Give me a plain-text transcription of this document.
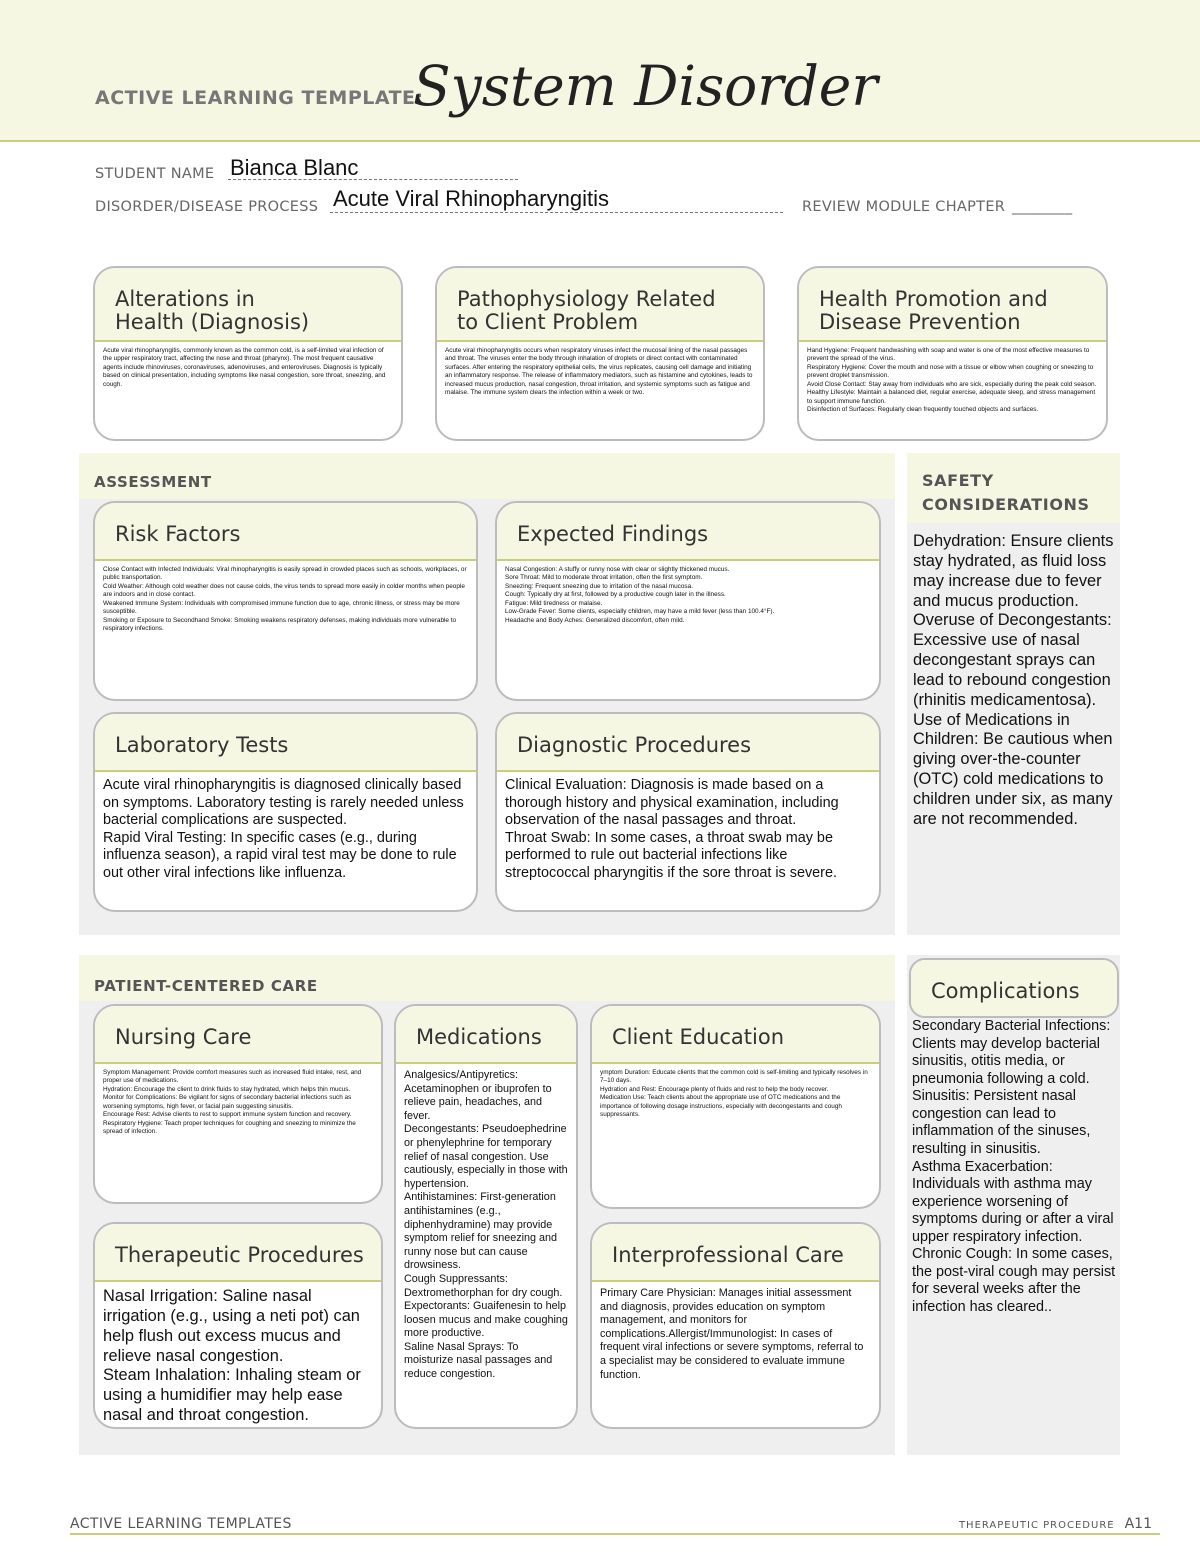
ACTIVE LEARNING TEMPLATE:
System Disorder
STUDENT NAME Bianca Blanc
DISORDER/DISEASE PROCESS Acute Viral Rhinopharyngitis	REVIEW MODULE CHAPTER ________
Alterations in
Health (Diagnosis)
Acute viral rhinopharyngitis, commonly known as the common cold, is a self-limited viral infection of the upper respiratory tract, affecting the nose and throat (pharynx). The most frequent causative agents include rhinoviruses, coronaviruses, adenoviruses, and enteroviruses. Diagnosis is typically based on clinical presentation, including symptoms like nasal congestion, sore throat, sneezing, and cough.
Pathophysiology Related
to Client Problem
Acute viral rhinopharyngitis occurs when respiratory viruses infect the mucosal lining of the nasal passages and throat. The viruses enter the body through inhalation of droplets or direct contact with contaminated surfaces. After entering the respiratory epithelial cells, the virus replicates, causing cell damage and initiating an inflammatory response. The release of inflammatory mediators, such as histamine and cytokines, leads to increased mucus production, nasal congestion, throat irritation, and systemic symptoms such as fatigue and malaise. The immune system clears the infection within a week or two.
Health Promotion and
Disease Prevention
Hand Hygiene: Frequent handwashing with soap and water is one of the most effective measures to prevent the spread of the virus.
Respiratory Hygiene: Cover the mouth and nose with a tissue or elbow when coughing or sneezing to prevent droplet transmission.
Avoid Close Contact: Stay away from individuals who are sick, especially during the peak cold season.
Healthy Lifestyle: Maintain a balanced diet, regular exercise, adequate sleep, and stress management to support immune function.
Disinfection of Surfaces: Regularly clean frequently touched objects and surfaces.
ASSESSMENT
Risk Factors
Close Contact with Infected Individuals: Viral rhinopharyngitis is easily spread in crowded places such as schools, workplaces, or public transportation.
Cold Weather: Although cold weather does not cause colds, the virus tends to spread more easily in colder months when people are indoors and in close contact.
Weakened Immune System: Individuals with compromised immune function due to age, chronic illness, or stress may be more susceptible.
Smoking or Exposure to Secondhand Smoke: Smoking weakens respiratory defenses, making individuals more vulnerable to respiratory infections.
Expected Findings
Nasal Congestion: A stuffy or runny nose with clear or slightly thickened mucus.
Sore Throat: Mild to moderate throat irritation, often the first symptom.
Sneezing: Frequent sneezing due to irritation of the nasal mucosa.
Cough: Typically dry at first, followed by a productive cough later in the illness.
Fatigue: Mild tiredness or malaise.
Low-Grade Fever: Some clients, especially children, may have a mild fever (less than 100.4°F).
Headache and Body Aches: Generalized discomfort, often mild.
Laboratory Tests
Acute viral rhinopharyngitis is diagnosed clinically based on symptoms. Laboratory testing is rarely needed unless bacterial complications are suspected.
Rapid Viral Testing: In specific cases (e.g., during influenza season), a rapid viral test may be done to rule out other viral infections like influenza.
Diagnostic Procedures
Clinical Evaluation: Diagnosis is made based on a thorough history and physical examination, including observation of the nasal passages and throat.
Throat Swab: In some cases, a throat swab may be performed to rule out bacterial infections like streptococcal pharyngitis if the sore throat is severe.
SAFETY
CONSIDERATIONS
Dehydration: Ensure clients stay hydrated, as fluid loss may increase due to fever and mucus production.
Overuse of Decongestants: Excessive use of nasal decongestant sprays can lead to rebound congestion (rhinitis medicamentosa).
Use of Medications in Children: Be cautious when giving over-the-counter (OTC) cold medications to children under six, as many are not recommended.
PATIENT-CENTERED CARE
Nursing Care
Symptom Management: Provide comfort measures such as increased fluid intake, rest, and proper use of medications.
Hydration: Encourage the client to drink fluids to stay hydrated, which helps thin mucus.
Monitor for Complications: Be vigilant for signs of secondary bacterial infections such as worsening symptoms, high fever, or facial pain suggesting sinusitis.
Encourage Rest: Advise clients to rest to support immune system function and recovery.
Respiratory Hygiene: Teach proper techniques for coughing and sneezing to minimize the spread of infection.
Medications
Analgesics/Antipyretics: Acetaminophen or ibuprofen to relieve pain, headaches, and fever.
Decongestants: Pseudoephedrine or phenylephrine for temporary relief of nasal congestion. Use cautiously, especially in those with hypertension.
Antihistamines: First-generation antihistamines (e.g., diphenhydramine) may provide symptom relief for sneezing and runny nose but can cause drowsiness.
Cough Suppressants: Dextromethorphan for dry cough.
Expectorants: Guaifenesin to help loosen mucus and make coughing more productive.
Saline Nasal Sprays: To moisturize nasal passages and reduce congestion.
Client Education
ymptom Duration: Educate clients that the common cold is self-limiting and typically resolves in 7–10 days.
Hydration and Rest: Encourage plenty of fluids and rest to help the body recover.
Medication Use: Teach clients about the appropriate use of OTC medications and the importance of following dosage instructions, especially with decongestants and cough suppressants.
Therapeutic Procedures
Nasal Irrigation: Saline nasal irrigation (e.g., using a neti pot) can help flush out excess mucus and relieve nasal congestion.
Steam Inhalation: Inhaling steam or using a humidifier may help ease nasal and throat congestion.
Interprofessional Care
Primary Care Physician: Manages initial assessment and diagnosis, provides education on symptom management, and monitors for complications.Allergist/Immunologist: In cases of frequent viral infections or severe symptoms, referral to a specialist may be considered to evaluate immune function.
Complications
Secondary Bacterial Infections: Clients may develop bacterial sinusitis, otitis media, or pneumonia following a cold.
Sinusitis: Persistent nasal congestion can lead to inflammation of the sinuses, resulting in sinusitis.
Asthma Exacerbation: Individuals with asthma may experience worsening of symptoms during or after a viral upper respiratory infection.
Chronic Cough: In some cases, the post-viral cough may persist for several weeks after the infection has cleared..
ACTIVE LEARNING TEMPLATES	THERAPEUTIC PROCEDURE A11
